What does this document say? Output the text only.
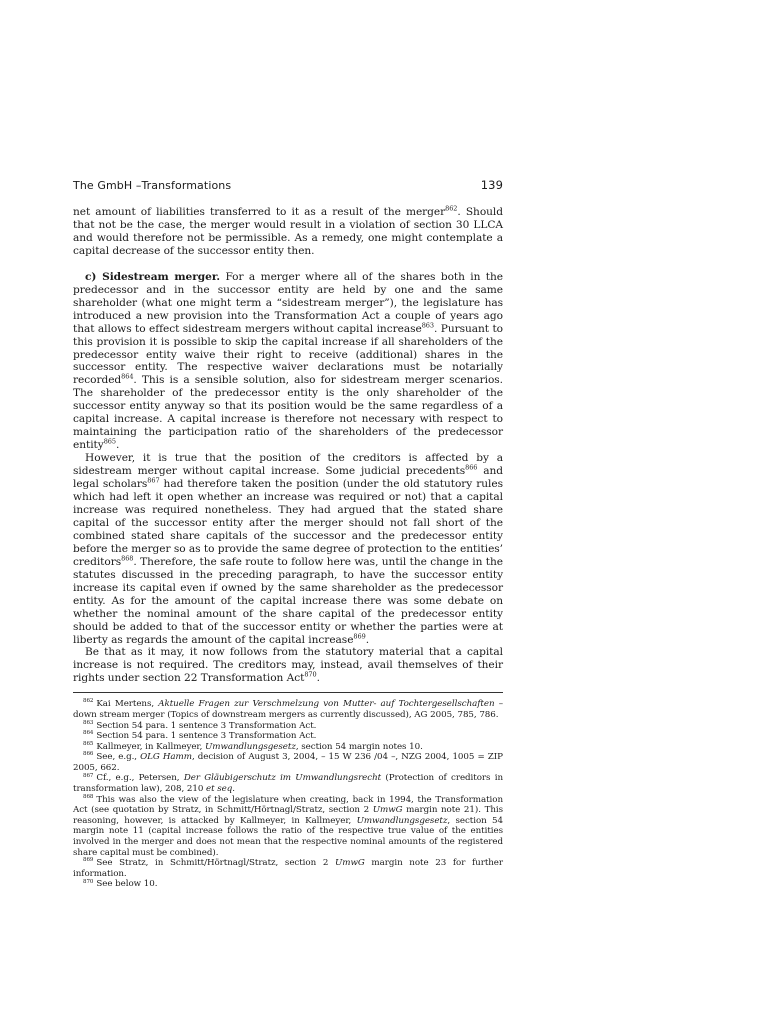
The GmbH –Transformations	139

net amount of liabilities transferred to it as a result of the merger$^{862}$. Should that not be the case, the merger would result in a violation of section 30 LLCA and would therefore not be permissible. As a remedy, one might contemplate a capital decrease of the successor entity then.

c) Sidestream merger. For a merger where all of the shares both in the predecessor and in the successor entity are held by one and the same shareholder (what one might term a “sidestream merger”), the legislature has introduced a new provision into the Transformation Act a couple of years ago that allows to effect sidestream mergers without capital increase$^{863}$. Pursuant to this provision it is possible to skip the capital increase if all shareholders of the predecessor entity waive their right to receive (additional) shares in the successor entity. The respective waiver declarations must be notarially recorded$^{864}$. This is a sensible solution, also for sidestream merger scenarios. The shareholder of the predecessor entity is the only shareholder of the successor entity anyway so that its position would be the same regardless of a capital increase. A capital increase is therefore not necessary with respect to maintaining the participation ratio of the shareholders of the predecessor entity$^{865}$.

However, it is true that the position of the creditors is affected by a sidestream merger without capital increase. Some judicial precedents$^{866}$ and legal scholars$^{867}$ had therefore taken the position (under the old statutory rules which had left it open whether an increase was required or not) that a capital increase was required nonetheless. They had argued that the stated share capital of the successor entity after the merger should not fall short of the combined stated share capitals of the successor and the predecessor entity before the merger so as to provide the same degree of protection to the entities’ creditors$^{868}$. Therefore, the safe route to follow here was, until the change in the statutes discussed in the preceding paragraph, to have the successor entity increase its capital even if owned by the same shareholder as the predecessor entity. As for the amount of the capital increase there was some debate on whether the nominal amount of the share capital of the predecessor entity should be added to that of the successor entity or whether the parties were at liberty as regards the amount of the capital increase$^{869}$.

Be that as it may, it now follows from the statutory material that a capital increase is not required. The creditors may, instead, avail themselves of their rights under section 22 Transformation Act$^{870}$.

$^{862}$ Kai Mertens, Aktuelle Fragen zur Verschmelzung von Mutter- auf Tochtergesellschaften – down stream merger (Topics of downstream mergers as currently discussed), AG 2005, 785, 786.

$^{863}$ Section 54 para. 1 sentence 3 Transformation Act.

$^{864}$ Section 54 para. 1 sentence 3 Transformation Act.

$^{865}$ Kallmeyer, in Kallmeyer, Umwandlungsgesetz, section 54 margin notes 10.

$^{866}$ See, e.g., OLG Hamm, decision of August 3, 2004, – 15 W 236 /04 –, NZG 2004, 1005 = ZIP 2005, 662.

$^{867}$ Cf., e.g., Petersen, Der Gläubigerschutz im Umwandlungsrecht (Protection of creditors in transformation law), 208, 210 et seq.

$^{868}$ This was also the view of the legislature when creating, back in 1994, the Transformation Act (see quotation by Stratz, in Schmitt/Hörtnagl/Stratz, section 2 UmwG margin note 21). This reasoning, however, is attacked by Kallmeyer, in Kallmeyer, Umwandlungsgesetz, section 54 margin note 11 (capital increase follows the ratio of the respective true value of the entities involved in the merger and does not mean that the respective nominal amounts of the registered share capital must be combined).

$^{869}$ See Stratz, in Schmitt/Hörtnagl/Stratz, section 2 UmwG margin note 23 for further information.

$^{870}$ See below 10.
